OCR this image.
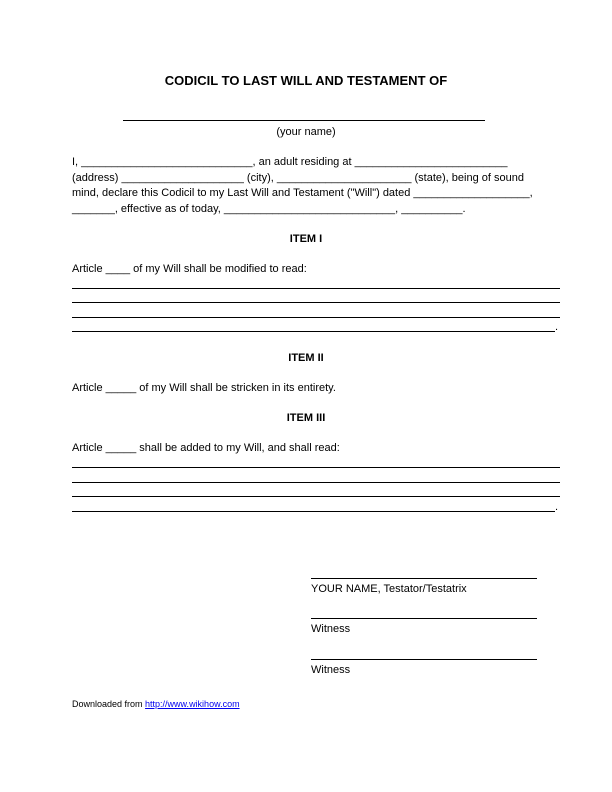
CODICIL TO LAST WILL AND TESTAMENT OF
(your name)
I, ____________________________, an adult residing at _________________________
(address) ____________________ (city), ______________________ (state), being of sound
mind, declare this Codicil to my Last Will and Testament ("Will") dated ___________________,
_______, effective as of today, ____________________________, __________.
ITEM I
Article ____ of my Will shall be modified to read:
.
ITEM II
Article _____ of my Will shall be stricken in its entirety.
ITEM III
Article _____ shall be added to my Will, and shall read:
.
YOUR NAME, Testator/Testatrix
Witness
Witness
Downloaded from http://www.wikihow.com
